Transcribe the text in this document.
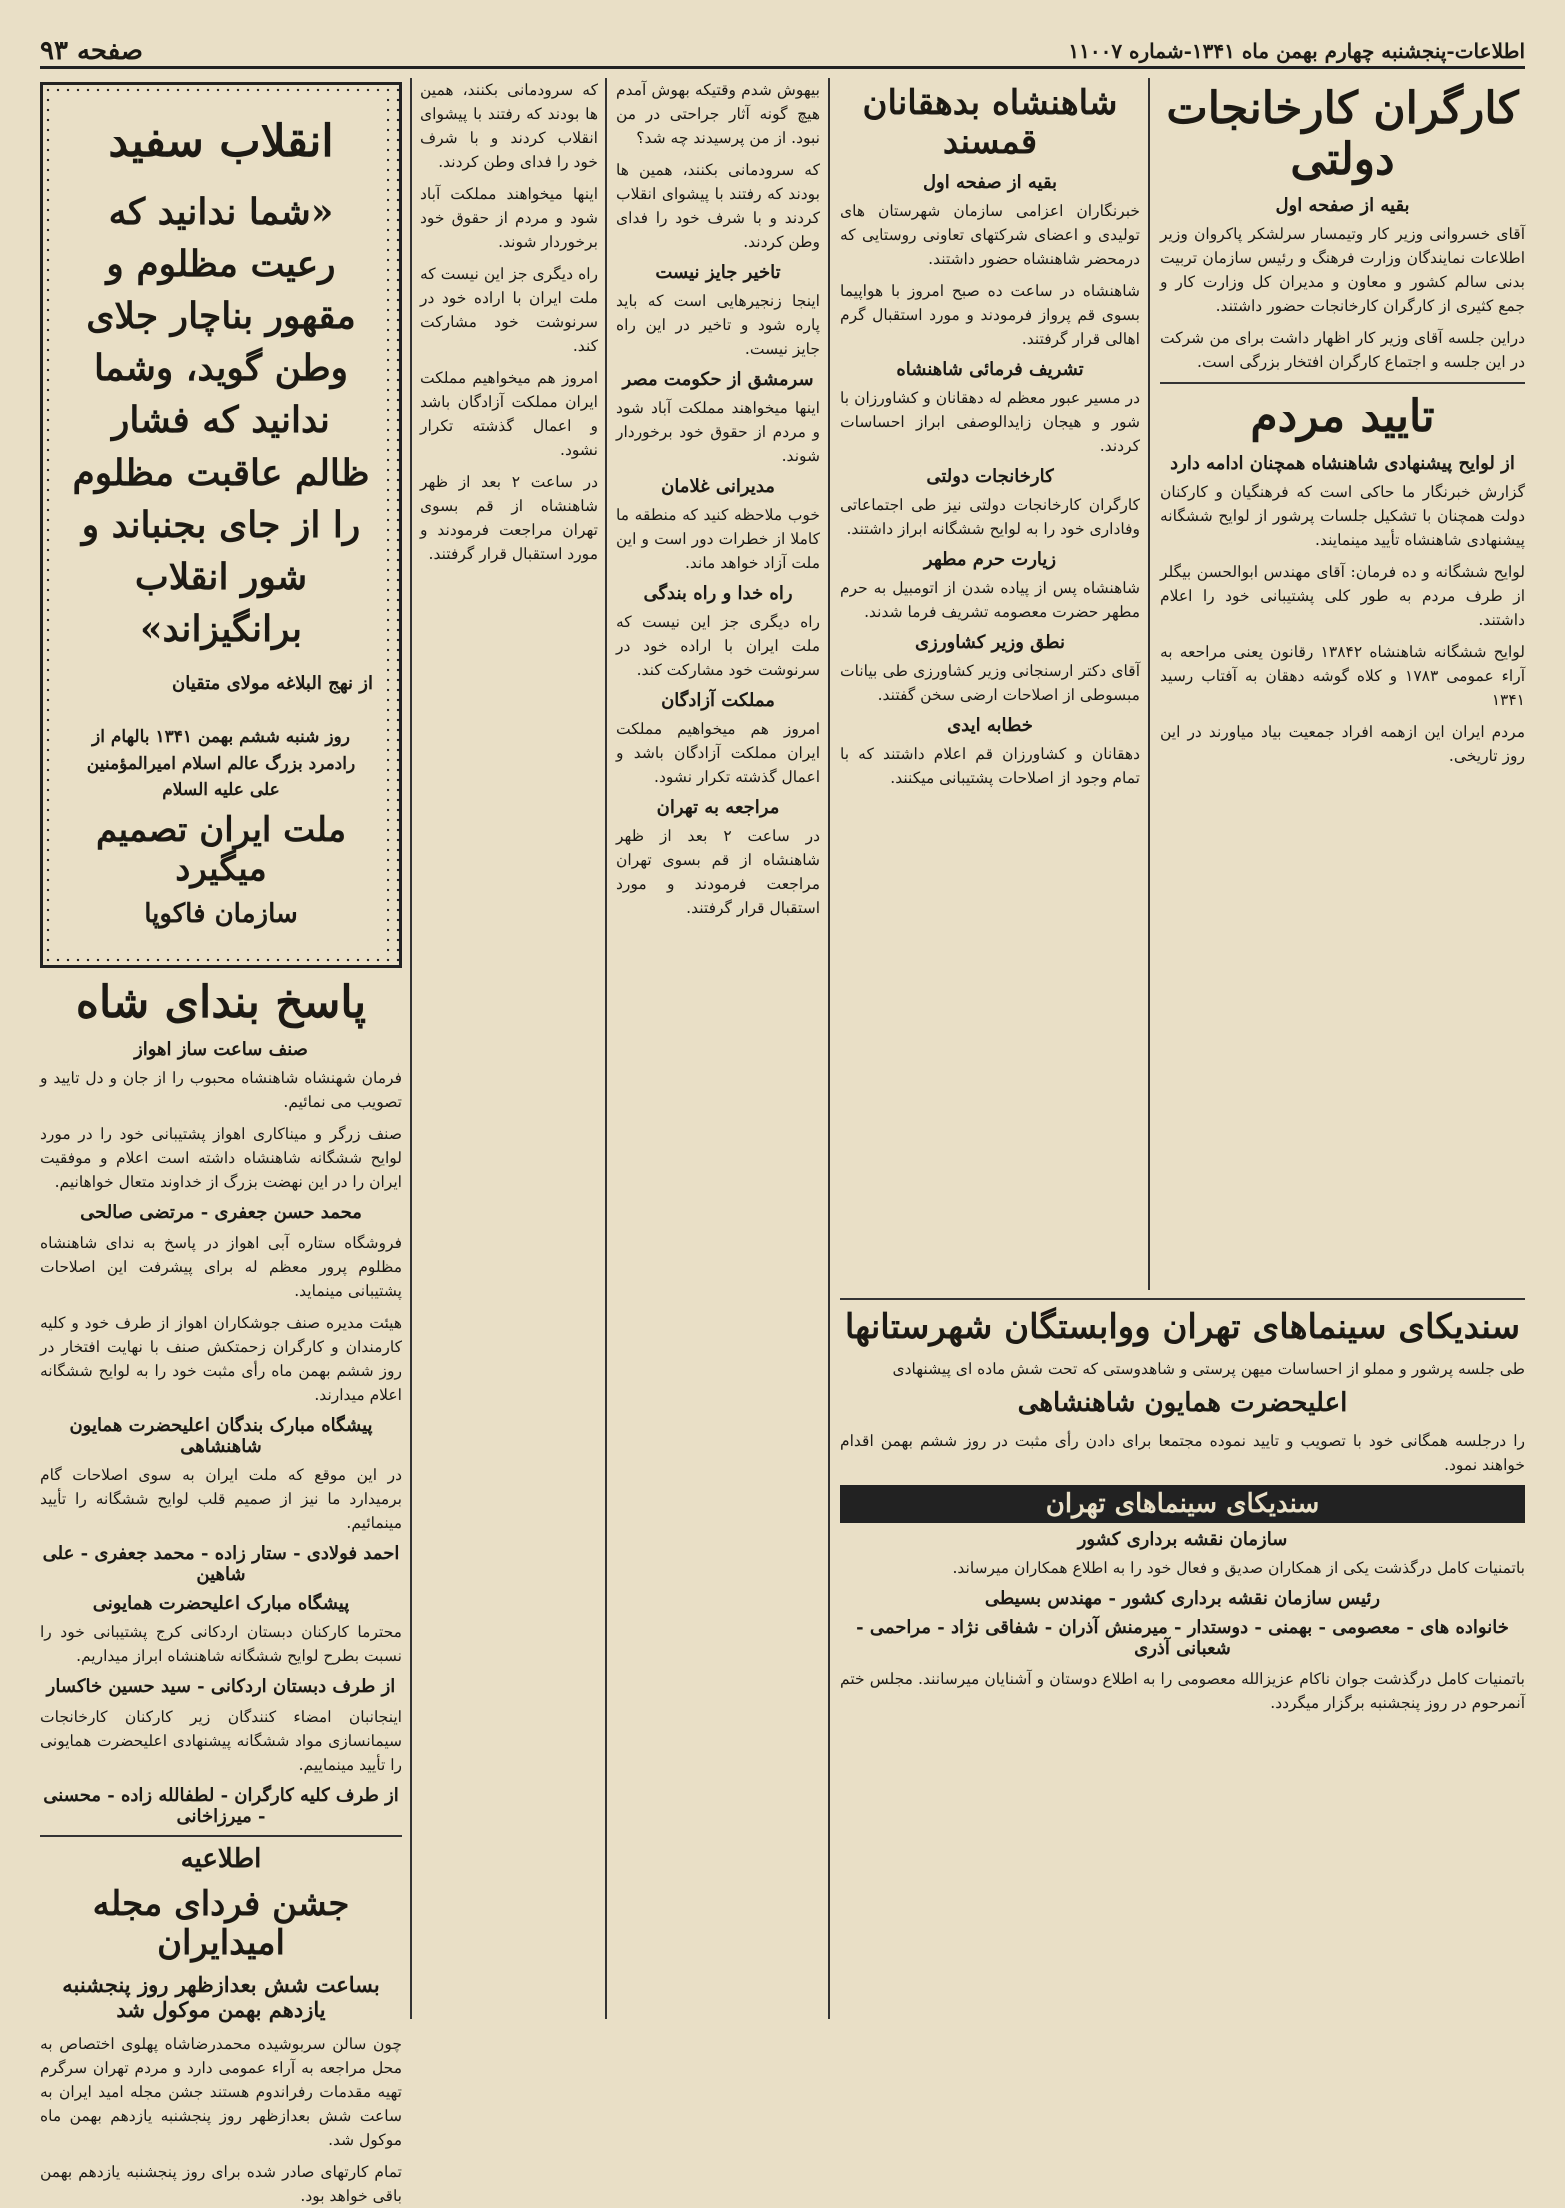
اطلاعات-پنجشنبه چهارم بهمن ماه ۱۳۴۱-شماره ۱۱۰۰۷
صفحه ۹۳
کارگران کارخانجات دولتی
بقیه از صفحه اول

آقای خسروانی وزیر کار وتیمسار سرلشکر پاکروان وزیر اطلاعات نمایندگان وزارت فرهنگ و رئیس سازمان تربیت بدنی سالم کشور و معاون و مدیران کل وزارت کار و جمع کثیری از کارگران کارخانجات حضور داشتند.

دراین جلسه آقای وزیر کار اظهار داشت برای من شرکت در این جلسه و اجتماع کارگران افتخار بزرگی است.

تایید مردم
از لوایح پیشنهادی شاهنشاه همچنان ادامه دارد

گزارش خبرنگار ما حاکی است که فرهنگیان و کارکنان دولت همچنان با تشکیل جلسات پرشور از لوایح ششگانه پیشنهادی شاهنشاه تأیید مینمایند.

لوایح ششگانه و ده فرمان: آقای مهندس ابوالحسن بیگلر از طرف مردم به طور کلی پشتیبانی خود را اعلام داشتند.

لوایح ششگانه شاهنشاه ۱۳۸۴۲ رقانون یعنی مراحعه به آراء عمومی ۱۷۸۳ و کلاه گوشه دهقان به آفتاب رسید ۱۳۴۱

مردم ایران این ازهمه افراد جمعیت بیاد میاورند در این روز تاریخی.

سندیکای سینماهای تهران ووابستگان شهرستانها

طی جلسه پرشور و مملو از احساسات میهن پرستی و شاهدوستی که تحت شش ماده ای پیشنهادی

اعلیحضرت همایون شاهنشاهی

را درجلسه همگانی خود با تصویب و تایید نموده مجتمعا برای دادن رأی مثبت در روز ششم بهمن اقدام خواهند نمود.

سندیکای سینماهای تهران
سازمان نقشه برداری کشور

باتمنیات کامل درگذشت یکی از همکاران صدیق و فعال خود را به اطلاع همکاران میرساند.

رئیس سازمان نقشه برداری کشور - مهندس بسیطی
خانواده های - معصومی - بهمنی - دوستدار - میرمنش آذران - شفاقی نژاد - مراحمی - شعبانی آذری

باتمنیات کامل درگذشت جوان ناکام عزیزالله معصومی را به اطلاع دوستان و آشنایان میرسانند. مجلس ختم آنمرحوم در روز پنجشنبه برگزار میگردد.

شاهنشاه بدهقانان قمسند
بقیه از صفحه اول

خبرنگاران اعزامی سازمان شهرستان های تولیدی و اعضای شرکتهای تعاونی روستایی که درمحضر شاهنشاه حضور داشتند.

شاهنشاه در ساعت ده صبح امروز با هواپیما بسوی قم پرواز فرمودند و مورد استقبال گرم اهالی قرار گرفتند.

تشریف فرمائی شاهنشاه

در مسیر عبور معظم له دهقانان و کشاورزان با شور و هیجان زایدالوصفی ابراز احساسات کردند.

کارخانجات دولتی

کارگران کارخانجات دولتی نیز طی اجتماعاتی وفاداری خود را به لوایح ششگانه ابراز داشتند.

زیارت حرم مطهر

شاهنشاه پس از پیاده شدن از اتومبیل به حرم مطهر حضرت معصومه تشریف فرما شدند.

نطق وزیر کشاورزی

آقای دکتر ارسنجانی وزیر کشاورزی طی بیانات مبسوطی از اصلاحات ارضی سخن گفتند.

خطابه ایدی

دهقانان و کشاورزان قم اعلام داشتند که با تمام وجود از اصلاحات پشتیبانی میکنند.

بیهوش شدم وقتیکه بهوش آمدم هیچ گونه آثار جراحتی در من نبود. از من پرسیدند چه شد؟

که سرودمانی بکنند، همین ها بودند که رفتند با پیشوای انقلاب کردند و با شرف خود را فدای وطن کردند.

تاخیر جایز نیست

اینجا زنجیرهایی است که باید پاره شود و تاخیر در این راه جایز نیست.

سرمشق از حکومت مصر

اینها میخواهند مملکت آباد شود و مردم از حقوق خود برخوردار شوند.

مدیرانی غلامان

خوب ملاحظه کنید که منطقه ما کاملا از خطرات دور است و این ملت آزاد خواهد ماند.

راه خدا و راه بندگی

راه دیگری جز این نیست که ملت ایران با اراده خود در سرنوشت خود مشارکت کند.

مملکت آزادگان

امروز هم میخواهیم مملکت ایران مملکت آزادگان باشد و اعمال گذشته تکرار نشود.

مراجعه به تهران

در ساعت ۲ بعد از ظهر شاهنشاه از قم بسوی تهران مراجعت فرمودند و مورد استقبال قرار گرفتند.

که سرودمانی بکنند، همین ها بودند که رفتند با پیشوای انقلاب کردند و با شرف خود را فدای وطن کردند.

اینها میخواهند مملکت آباد شود و مردم از حقوق خود برخوردار شوند.

راه دیگری جز این نیست که ملت ایران با اراده خود در سرنوشت خود مشارکت کند.

امروز هم میخواهیم مملکت ایران مملکت آزادگان باشد و اعمال گذشته تکرار نشود.

در ساعت ۲ بعد از ظهر شاهنشاه از قم بسوی تهران مراجعت فرمودند و مورد استقبال قرار گرفتند.

انقلاب سفید
«شما ندانید که رعیت مظلوم و مقهور بناچار جلای وطن گوید، وشما ندانید که فشار ظالم عاقبت مظلوم را از جای بجنباند و شور انقلاب برانگیزاند»
از نهج البلاغه مولای متقیان

روز شنبه ششم بهمن ۱۳۴۱ بالهام از رادمرد بزرگ عالم اسلام امیرالمؤمنین علی علیه السلام

ملت ایران تصمیم میگیرد
سازمان فاکوپا
پاسخ بندای شاه
صنف ساعت ساز اهواز

فرمان شهنشاه شاهنشاه محبوب را از جان و دل تایید و تصویب می نمائیم.

صنف زرگر و میناکاری اهواز پشتیبانی خود را در مورد لوایح ششگانه شاهنشاه داشته است اعلام و موفقیت ایران را در این نهضت بزرگ از خداوند متعال خواهانیم.

محمد حسن جعفری - مرتضی صالحی

فروشگاه ستاره آبی اهواز در پاسخ به ندای شاهنشاه مظلوم پرور معظم له برای پیشرفت این اصلاحات پشتیبانی مینماید.

هیئت مدیره صنف جوشکاران اهواز از طرف خود و کلیه کارمندان و کارگران زحمتکش صنف با نهایت افتخار در روز ششم بهمن ماه رأی مثبت خود را به لوایح ششگانه اعلام میدارند.

پیشگاه مبارک بندگان اعلیحضرت همایون شاهنشاهی

در این موقع که ملت ایران به سوی اصلاحات گام برمیدارد ما نیز از صمیم قلب لوایح ششگانه را تأیید مینمائیم.

احمد فولادی - ستار زاده - محمد جعفری - علی شاهین
پیشگاه مبارک اعلیحضرت همایونی

محترما کارکنان دبستان اردکانی کرج پشتیبانی خود را نسبت بطرح لوایح ششگانه شاهنشاه ابراز میداریم.

از طرف دبستان اردکانی - سید حسین خاکسار

اینجانبان امضاء کنندگان زیر کارکنان کارخانجات سیمانسازی مواد ششگانه پیشنهادی اعلیحضرت همایونی را تأیید مینماییم.

از طرف کلیه کارگران - لطفالله زاده - محسنی - میرزاخانی
اطلاعیه
جشن فردای مجله امیدایران
بساعت شش بعدازظهر روز پنجشنبه یازدهم بهمن موکول شد

چون سالن سربوشیده محمدرضاشاه پهلوی اختصاص به محل مراجعه به آراء عمومی دارد و مردم تهران سرگرم تهیه مقدمات رفراندوم هستند جشن مجله امید ایران به ساعت شش بعدازظهر روز پنجشنبه یازدهم بهمن ماه موکول شد.

تمام کارتهای صادر شده برای روز پنجشنبه یازدهم بهمن باقی خواهد بود.
